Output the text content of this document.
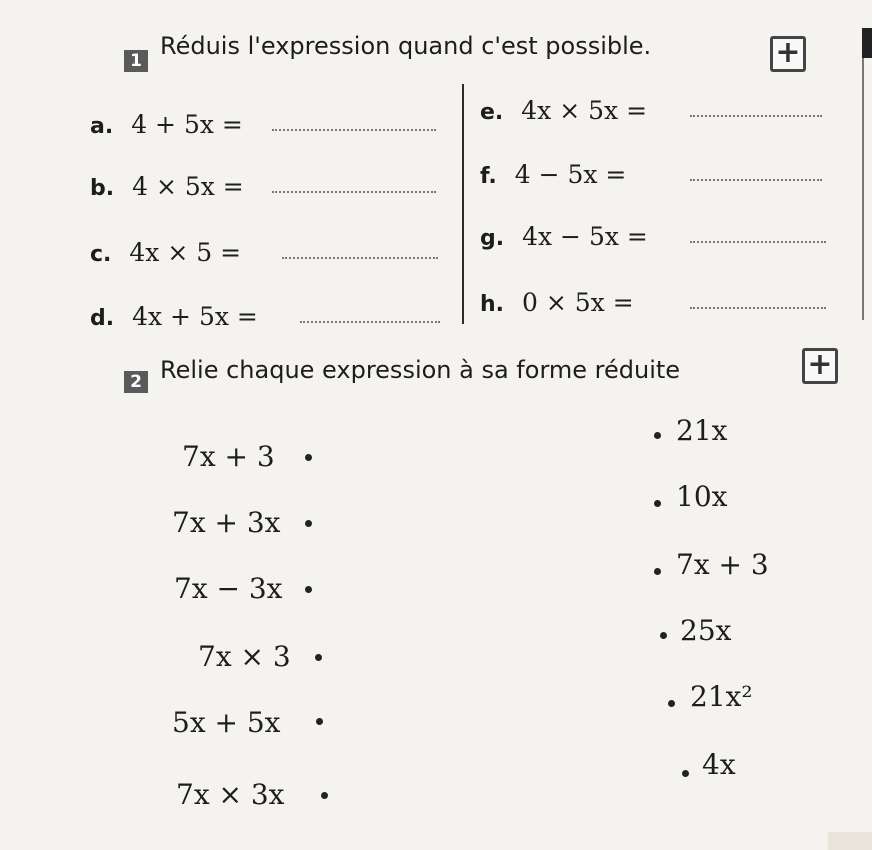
1
Réduis l'expression quand c'est possible.	+
a. 4 + 5x =
b. 4 × 5x =
c. 4x × 5 =
d. 4x + 5x =
e. 4x × 5x =
f. 4 − 5x =
g. 4x − 5x =
h. 0 × 5x =
2 Relie chaque expression à sa forme réduite	+
7x + 3
7x + 3x
7x − 3x
7x × 3
5x + 5x
7x × 3x
21x
10x
7x + 3
25x
21x²
4x
